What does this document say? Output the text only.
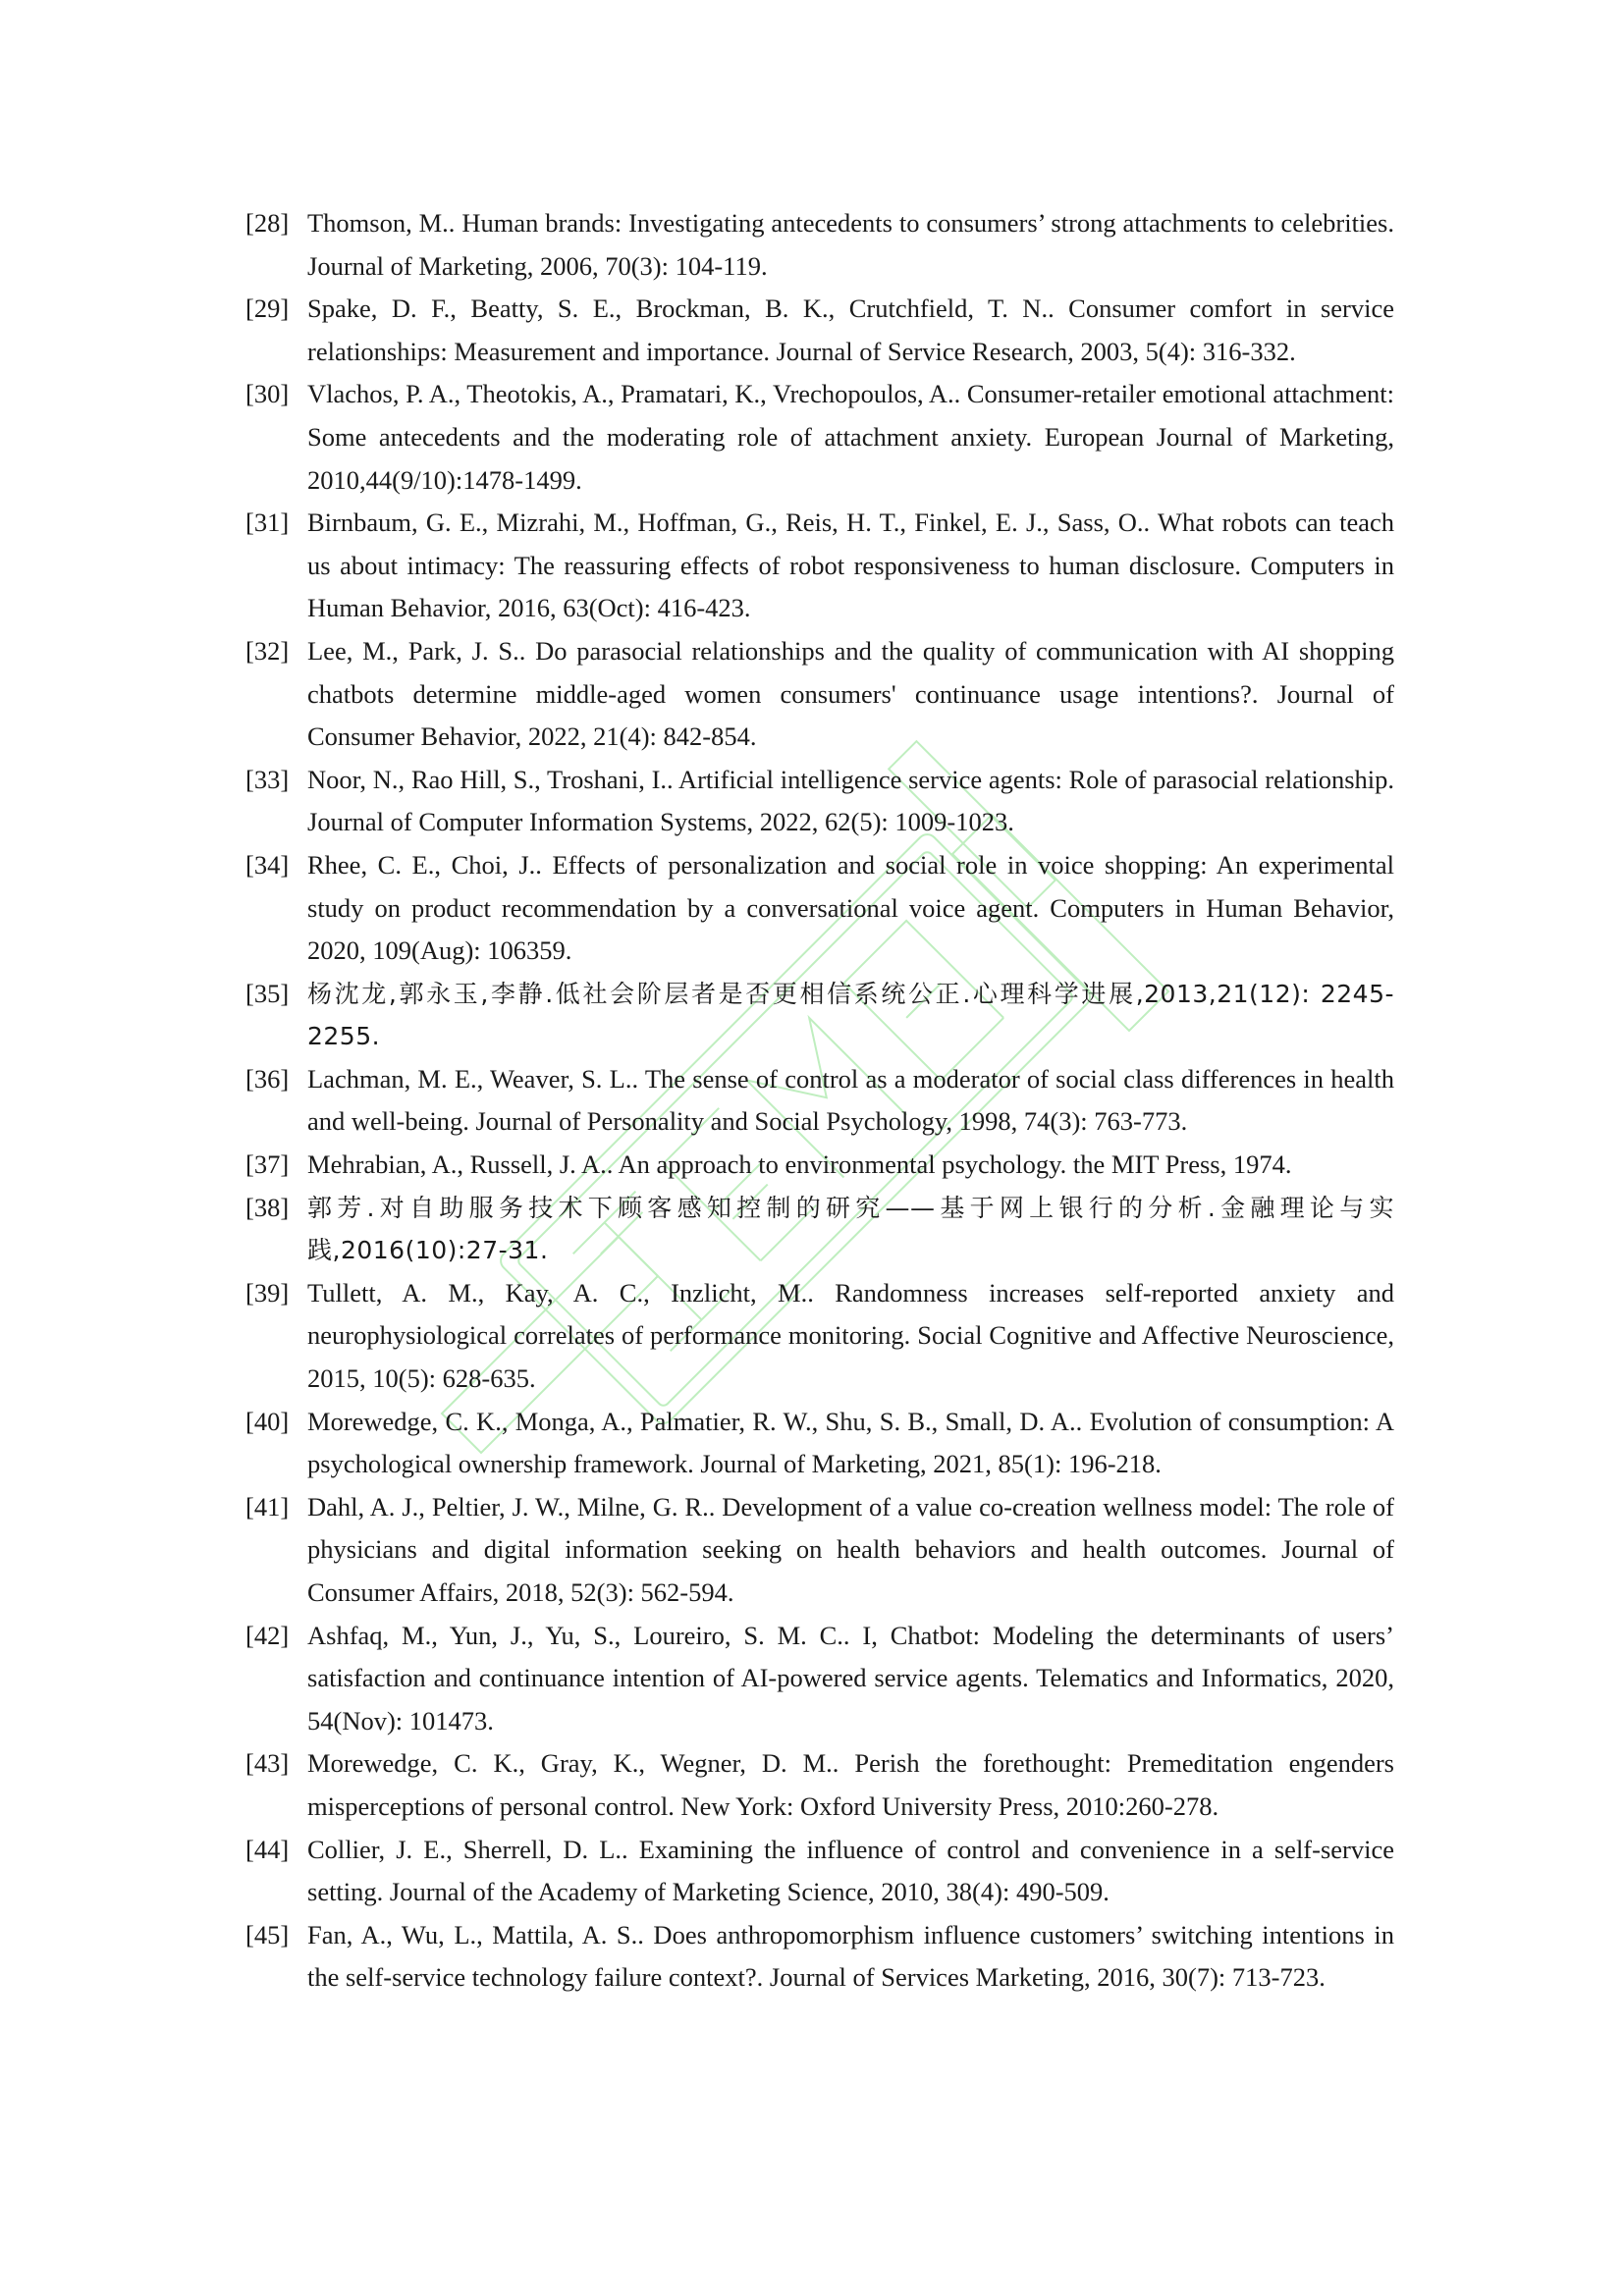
[28] Thomson, M.. Human brands: Investigating antecedents to consumers’ strong attachments to celebrities. Journal of Marketing, 2006, 70(3): 104-119.
[29] Spake, D. F., Beatty, S. E., Brockman, B. K., Crutchfield, T. N.. Consumer comfort in service relationships: Measurement and importance. Journal of Service Research, 2003, 5(4): 316-332.
[30] Vlachos, P. A., Theotokis, A., Pramatari, K., Vrechopoulos, A.. Consumer-retailer emotional attachment: Some antecedents and the moderating role of attachment anxiety. European Journal of Marketing, 2010,44(9/10):1478-1499.
[31] Birnbaum, G. E., Mizrahi, M., Hoffman, G., Reis, H. T., Finkel, E. J., Sass, O.. What robots can teach us about intimacy: The reassuring effects of robot responsiveness to human disclosure. Computers in Human Behavior, 2016, 63(Oct): 416-423.
[32] Lee, M., Park, J. S.. Do parasocial relationships and the quality of communication with AI shopping chatbots determine middle-aged women consumers' continuance usage intentions?. Journal of Consumer Behavior, 2022, 21(4): 842-854.
[33] Noor, N., Rao Hill, S., Troshani, I.. Artificial intelligence service agents: Role of parasocial relationship. Journal of Computer Information Systems, 2022, 62(5): 1009-1023.
[34] Rhee, C. E., Choi, J.. Effects of personalization and social role in voice shopping: An experimental study on product recommendation by a conversational voice agent. Computers in Human Behavior, 2020, 109(Aug): 106359.
[35] 杨沈龙,郭永玉,李静.低社会阶层者是否更相信系统公正.心理科学进展,2013,21(12): 2245-2255.
[36] Lachman, M. E., Weaver, S. L.. The sense of control as a moderator of social class differences in health and well-being. Journal of Personality and Social Psychology, 1998, 74(3): 763-773.
[37] Mehrabian, A., Russell, J. A.. An approach to environmental psychology. the MIT Press, 1974.
[38] 郭芳.对自助服务技术下顾客感知控制的研究——基于网上银行的分析.金融理论与实践,2016(10):27-31.
[39] Tullett, A. M., Kay, A. C., Inzlicht, M.. Randomness increases self-reported anxiety and neurophysiological correlates of performance monitoring. Social Cognitive and Affective Neuroscience, 2015, 10(5): 628-635.
[40] Morewedge, C. K., Monga, A., Palmatier, R. W., Shu, S. B., Small, D. A.. Evolution of consumption: A psychological ownership framework. Journal of Marketing, 2021, 85(1): 196-218.
[41] Dahl, A. J., Peltier, J. W., Milne, G. R.. Development of a value co-creation wellness model: The role of physicians and digital information seeking on health behaviors and health outcomes. Journal of Consumer Affairs, 2018, 52(3): 562-594.
[42] Ashfaq, M., Yun, J., Yu, S., Loureiro, S. M. C.. I, Chatbot: Modeling the determinants of users’ satisfaction and continuance intention of AI-powered service agents. Telematics and Informatics, 2020, 54(Nov): 101473.
[43] Morewedge, C. K., Gray, K., Wegner, D. M.. Perish the forethought: Premeditation engenders misperceptions of personal control. New York: Oxford University Press, 2010:260-278.
[44] Collier, J. E., Sherrell, D. L.. Examining the influence of control and convenience in a self-service setting. Journal of the Academy of Marketing Science, 2010, 38(4): 490-509.
[45] Fan, A., Wu, L., Mattila, A. S.. Does anthropomorphism influence customers’ switching intentions in the self-service technology failure context?. Journal of Services Marketing, 2016, 30(7): 713-723.
